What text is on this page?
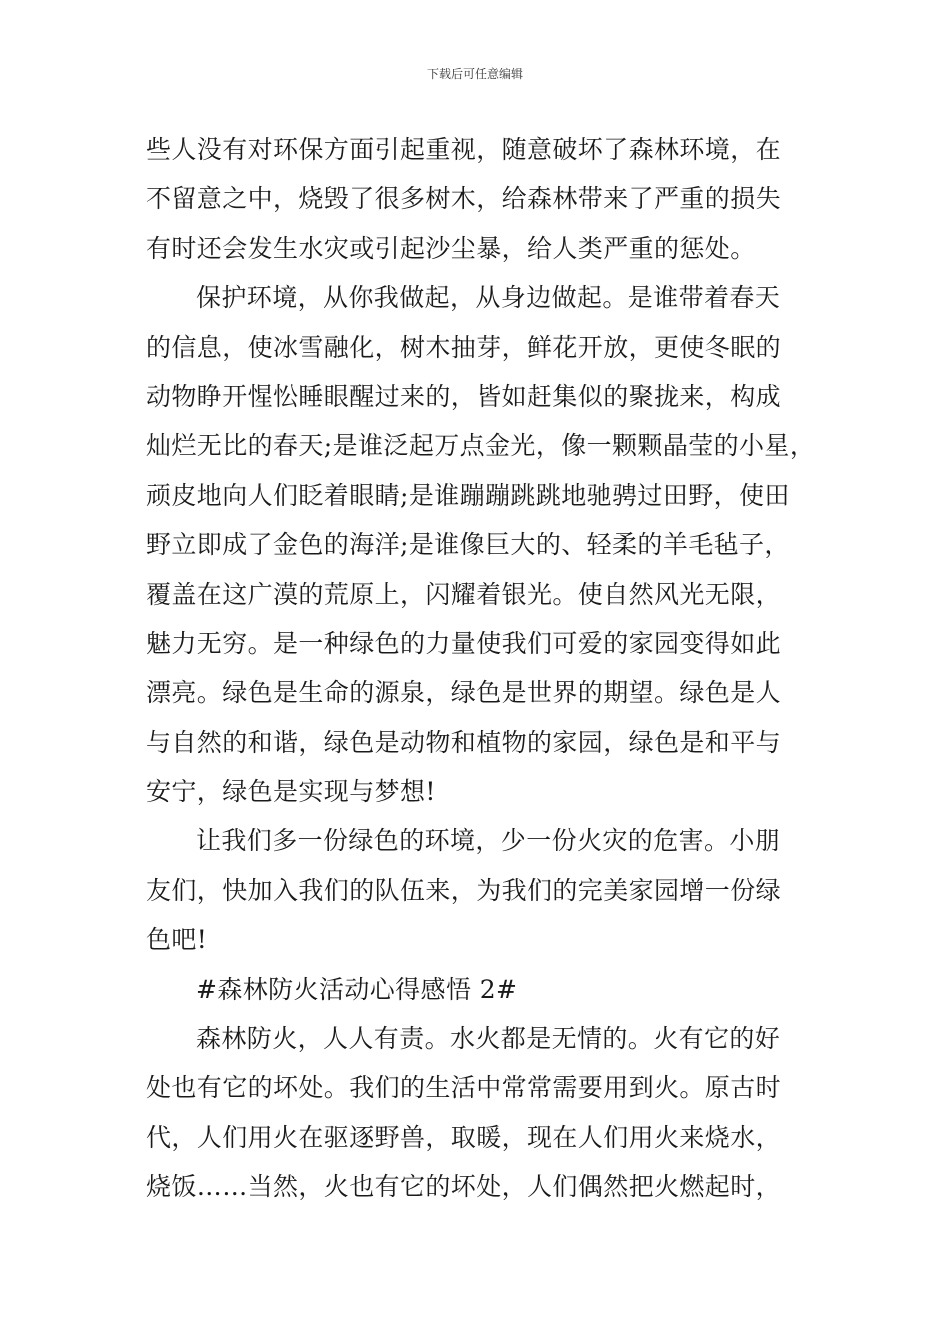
下载后可任意编辑
些人没有对环保方面引起重视，随意破坏了森林环境，在
不留意之中，烧毁了很多树木，给森林带来了严重的损失
有时还会发生水灾或引起沙尘暴，给人类严重的惩处。
保护环境，从你我做起，从身边做起。是谁带着春天
的信息，使冰雪融化，树木抽芽，鲜花开放，更使冬眠的
动物睁开惺忪睡眼醒过来的，皆如赶集似的聚拢来，构成
灿烂无比的春天;是谁泛起万点金光，像一颗颗晶莹的小星，
顽皮地向人们眨着眼睛;是谁蹦蹦跳跳地驰骋过田野，使田
野立即成了金色的海洋;是谁像巨大的、轻柔的羊毛毡子，
覆盖在这广漠的荒原上，闪耀着银光。使自然风光无限，
魅力无穷。是一种绿色的力量使我们可爱的家园变得如此
漂亮。绿色是生命的源泉，绿色是世界的期望。绿色是人
与自然的和谐，绿色是动物和植物的家园，绿色是和平与
安宁，绿色是实现与梦想!
让我们多一份绿色的环境，少一份火灾的危害。小朋
友们，快加入我们的队伍来，为我们的完美家园增一份绿
色吧!
#森林防火活动心得感悟 2#
森林防火，人人有责。水火都是无情的。火有它的好
处也有它的坏处。我们的生活中常常需要用到火。原古时
代，人们用火在驱逐野兽，取暖，现在人们用火来烧水，
烧饭……当然，火也有它的坏处，人们偶然把火燃起时，
